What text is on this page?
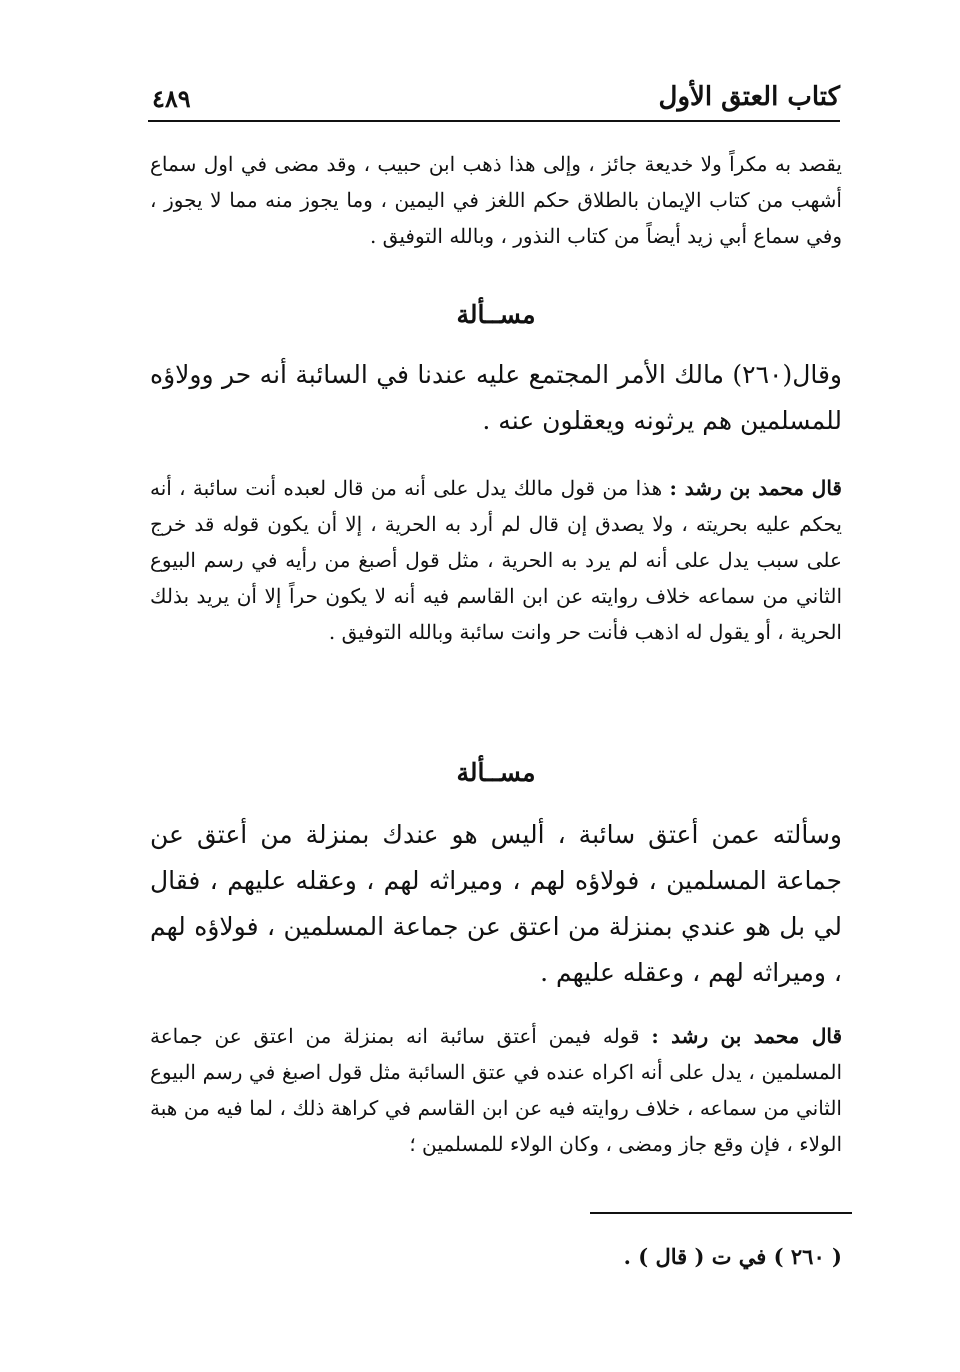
كتاب العتق الأول
٤٨٩

يقصد به مكراً ولا خديعة جائز ، وإلى هذا ذهب ابن حبيب ، وقد مضى في اول سماع أشهب من كتاب الإيمان بالطلاق حكم اللغز في اليمين ، وما يجوز منه مما لا يجوز ، وفي سماع أبي زيد أيضاً من كتاب النذور ، وبالله التوفيق .

مســألة

وقال(٢٦٠) مالك الأمر المجتمع عليه عندنا في السائبة أنه حر وولاؤه للمسلمين هم يرثونه ويعقلون عنه .

قال محمد بن رشد : هذا من قول مالك يدل على أنه من قال لعبده أنت سائبة ، أنه يحكم عليه بحريته ، ولا يصدق إن قال لم أرد به الحرية ، إلا أن يكون قوله قد خرج على سبب يدل على أنه لم يرد به الحرية ، مثل قول أصبغ من رأيه في رسم البيوع الثاني من سماعه خلاف روايته عن ابن القاسم فيه أنه لا يكون حراً إلا أن يريد بذلك الحرية ، أو يقول له اذهب فأنت حر وانت سائبة وبالله التوفيق .

مســألة

وسألته عمن أعتق سائبة ، أليس هو عندك بمنزلة من أعتق عن جماعة المسلمين ، فولاؤه لهم ، وميراثه لهم ، وعقله عليهم ، فقال لي بل هو عندي بمنزلة من اعتق عن جماعة المسلمين ، فولاؤه لهم ، وميراثه لهم ، وعقله عليهم .

قال محمد بن رشد : قوله فيمن أعتق سائبة انه بمنزلة من اعتق عن جماعة المسلمين ، يدل على أنه اكراه عنده في عتق السائبة مثل قول اصبغ في رسم البيوع الثاني من سماعه ، خلاف روايته فيه عن ابن القاسم في كراهة ذلك ، لما فيه من هبة الولاء ، فإن وقع جاز ومضى ، وكان الولاء للمسلمين ؛

( ٢٦٠ ) في ت ( قال ) .
